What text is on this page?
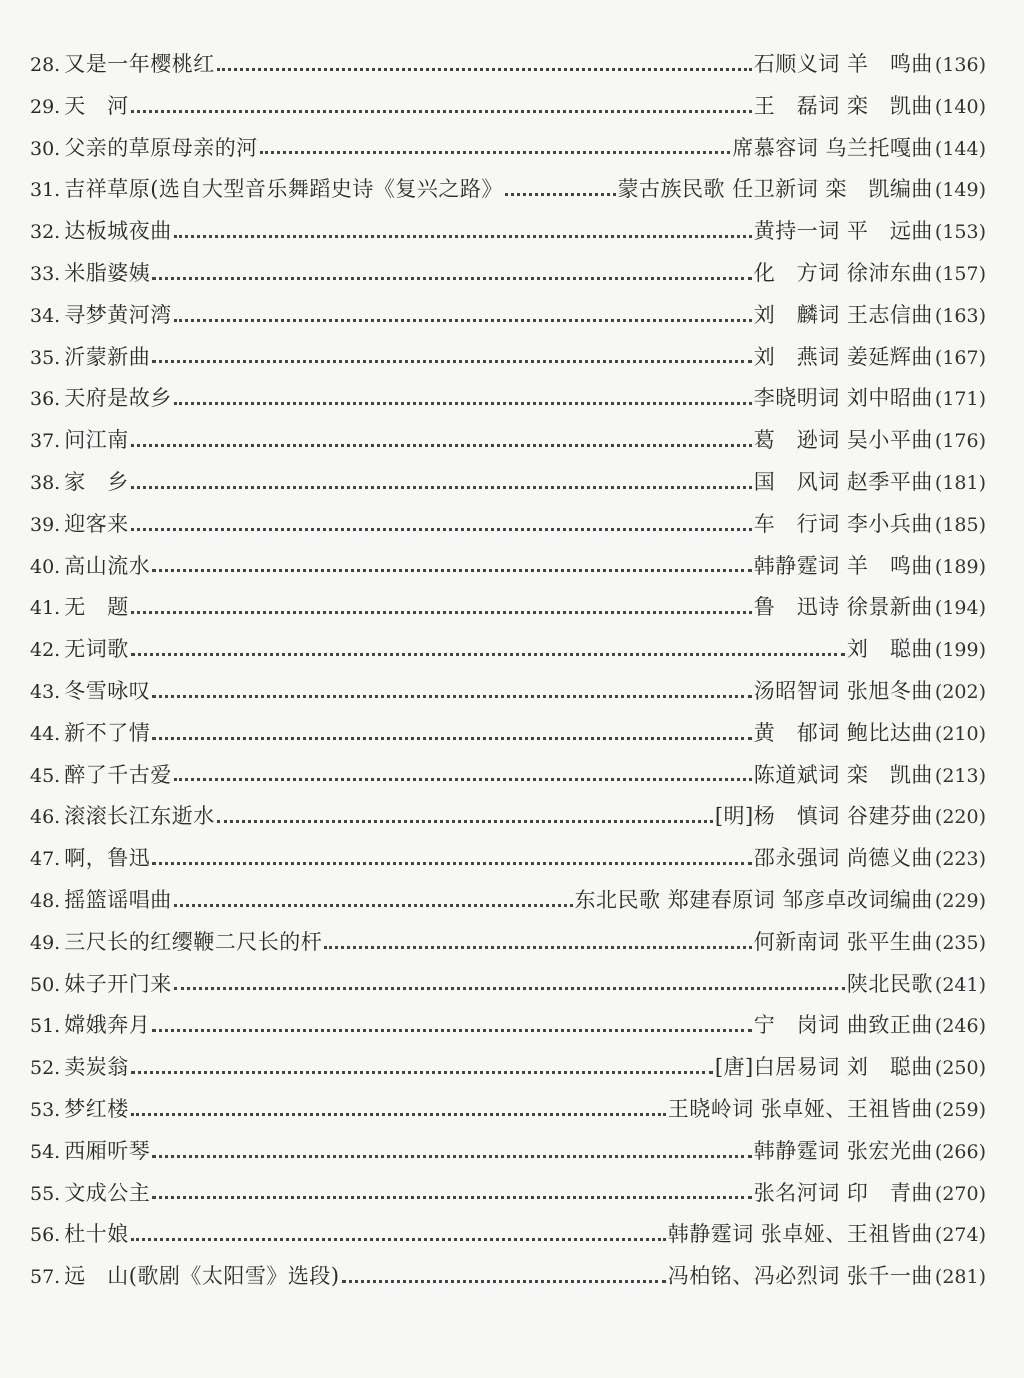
28. 又是一年樱桃红	石顺义词 羊　鸣曲 (136)
29. 天　河	王　磊词 栾　凯曲 (140)
30. 父亲的草原母亲的河	席慕容词 乌兰托嘎曲 (144)
31. 吉祥草原(选自大型音乐舞蹈史诗《复兴之路》	蒙古族民歌 任卫新词 栾　凯编曲 (149)
32. 达板城夜曲	黄持一词 平　远曲 (153)
33. 米脂婆姨	化　方词 徐沛东曲 (157)
34. 寻梦黄河湾	刘　麟词 王志信曲 (163)
35. 沂蒙新曲	刘　燕词 姜延辉曲 (167)
36. 天府是故乡	李晓明词 刘中昭曲 (171)
37. 问江南	葛　逊词 吴小平曲 (176)
38. 家　乡	国　风词 赵季平曲 (181)
39. 迎客来	车　行词 李小兵曲 (185)
40. 高山流水	韩静霆词 羊　鸣曲 (189)
41. 无　题	鲁　迅诗 徐景新曲 (194)
42. 无词歌	刘　聪曲 (199)
43. 冬雪咏叹	汤昭智词 张旭冬曲 (202)
44. 新不了情	黄　郁词 鲍比达曲 (210)
45. 醉了千古爱	陈道斌词 栾　凯曲 (213)
46. 滚滚长江东逝水	[明]杨　慎词 谷建芬曲 (220)
47. 啊，鲁迅	邵永强词 尚德义曲 (223)
48. 摇篮谣唱曲	东北民歌 郑建春原词 邹彦卓改词编曲 (229)
49. 三尺长的红缨鞭二尺长的杆	何新南词 张平生曲 (235)
50. 妹子开门来	陕北民歌 (241)
51. 嫦娥奔月	宁　岗词 曲致正曲 (246)
52. 卖炭翁	[唐]白居易词 刘　聪曲 (250)
53. 梦红楼	王晓岭词 张卓娅、王祖皆曲 (259)
54. 西厢听琴	韩静霆词 张宏光曲 (266)
55. 文成公主	张名河词 印　青曲 (270)
56. 杜十娘	韩静霆词 张卓娅、王祖皆曲 (274)
57. 远　山(歌剧《太阳雪》选段)	冯柏铭、冯必烈词 张千一曲 (281)
